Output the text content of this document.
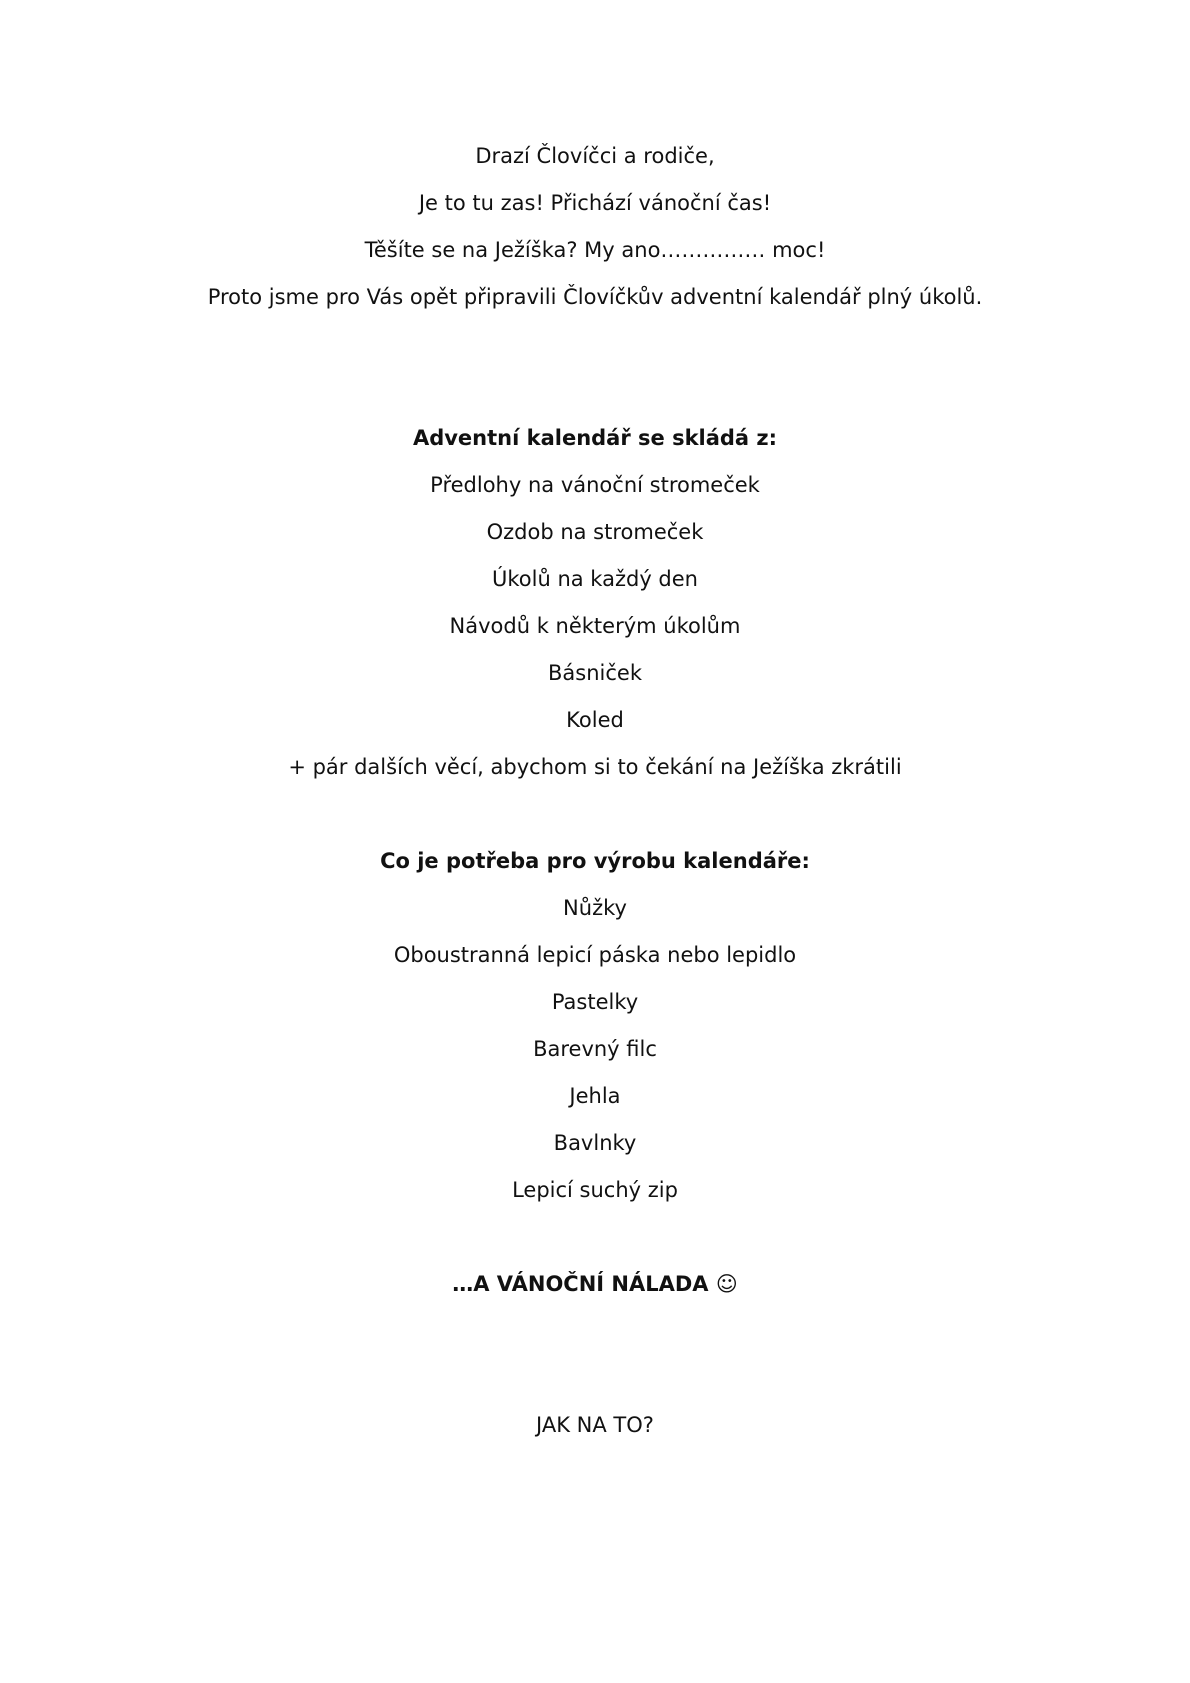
Drazí Človíčci a rodiče,
Je to tu zas! Přichází vánoční čas!
Těšíte se na Ježíška? My ano…………… moc!
Proto jsme pro Vás opět připravili Človíčkův adventní kalendář plný úkolů.
Adventní kalendář se skládá z:
Předlohy na vánoční stromeček
Ozdob na stromeček
Úkolů na každý den
Návodů k některým úkolům
Básniček
Koled
+ pár dalších věcí, abychom si to čekání na Ježíška zkrátili
Co je potřeba pro výrobu kalendáře:
Nůžky
Oboustranná lepicí páska nebo lepidlo
Pastelky
Barevný filc
Jehla
Bavlnky
Lepicí suchý zip
…A VÁNOČNÍ NÁLADA ☺
JAK NA TO?
